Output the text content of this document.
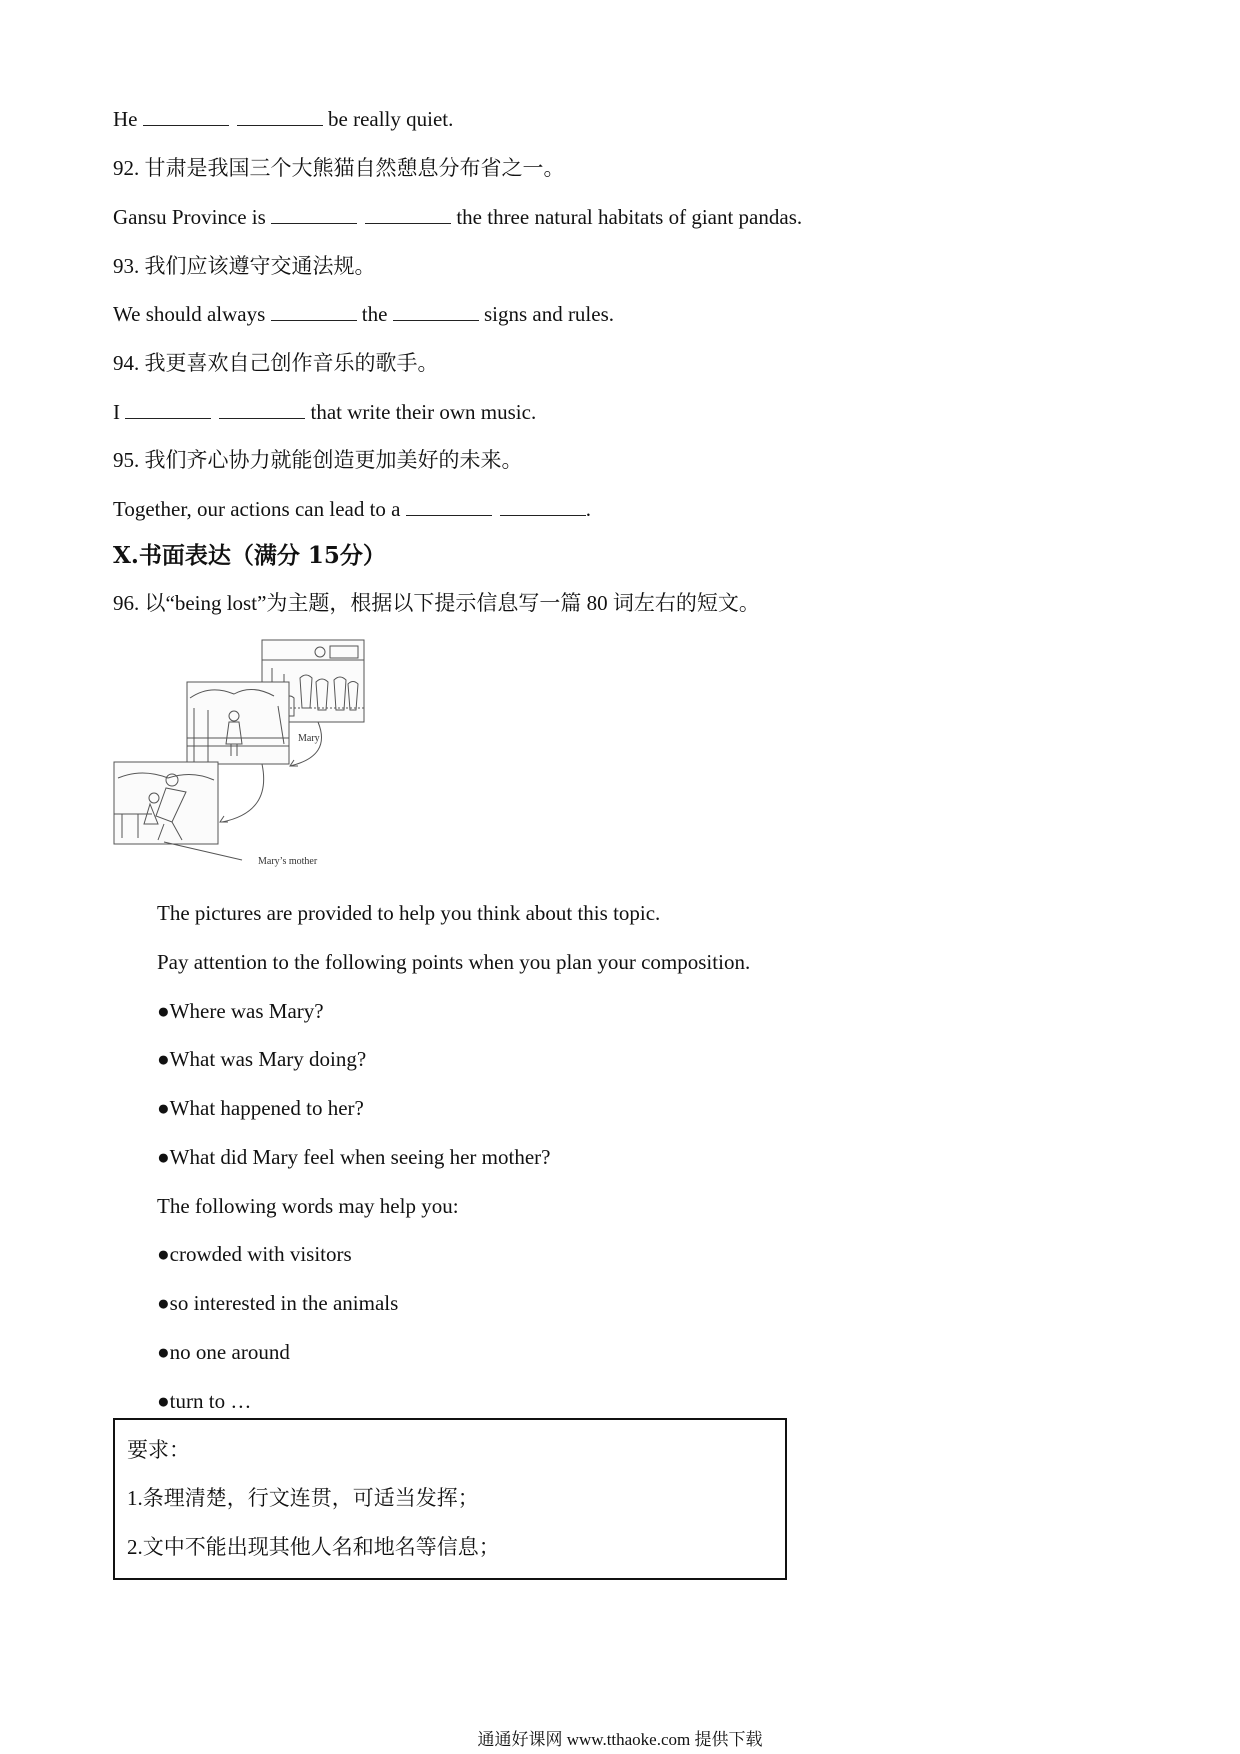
He	be really quiet.
92. 甘肃是我国三个大熊猫自然憩息分布省之一。
Gansu Province is	the three natural habitats of giant pandas.
93. 我们应该遵守交通法规。
We should always	the	signs and rules.
94. 我更喜欢自己创作音乐的歌手。
I	that write their own music.
95. 我们齐心协力就能创造更加美好的未来。
Together, our actions can lead to a	.
X.书面表达（满分 15分）
96. 以“being lost”为主题，根据以下提示信息写一篇 80 词左右的短文。
Mary
Mary’s mother
The pictures are provided to help you think about this topic.
Pay attention to the following points when you plan your composition.
●Where was Mary?
●What was Mary doing?
●What happened to her?
●What did Mary feel when seeing her mother?
The following words may help you:
●crowded with visitors
●so interested in the animals
●no one around
●turn to …
要求：
1.条理清楚，行文连贯，可适当发挥；
2.文中不能出现其他人名和地名等信息；
通通好课网 www.tthaoke.com 提供下载
